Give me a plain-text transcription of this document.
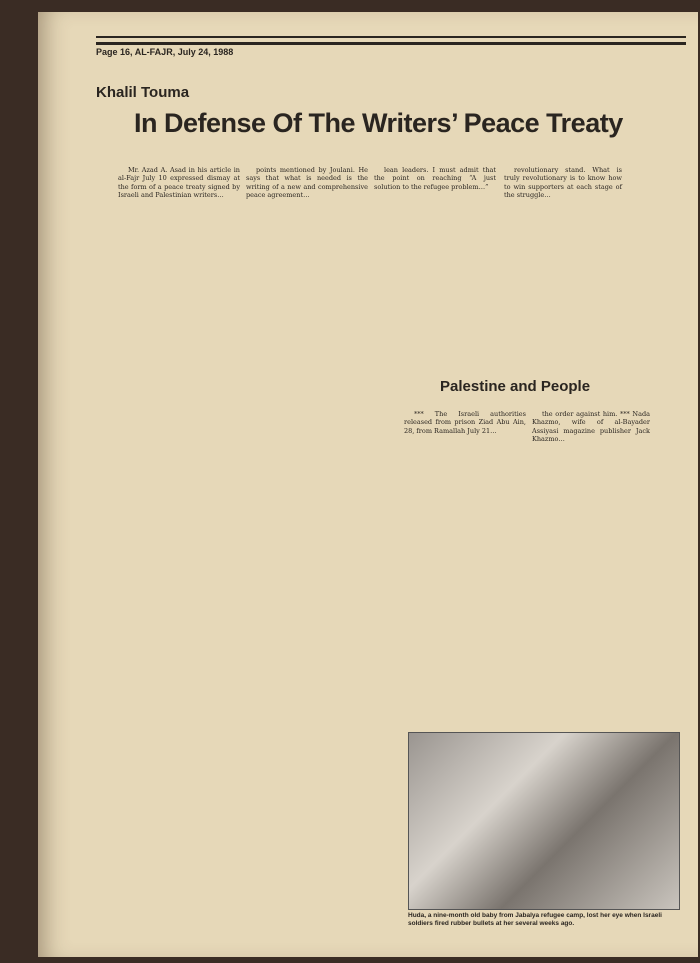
Page 16, AL-FAJR, July 24, 1988
Khalil Touma
In Defense Of The Writers’ Peace Treaty

Mr. Azad A. Asad in his article in al-Fajr July 10 expressed dismay at the form of a peace treaty signed by Israeli and Palestinian writers…

points mentioned by Joulani. He says that what is needed is the writing of a new and comprehensive peace agreement…

lean leaders. I must admit that the point on reaching “A just solution to the refugee problem…”

revolutionary stand. What is truly revolutionary is to know how to win supporters at each stage of the struggle…

Palestine and People

*** The Israeli authorities released from prison Ziad Abu Ain, 28, from Ramallah July 21…

the order against him. *** Nada Khazmo, wife of al-Bayader Assiyasi magazine publisher Jack Khazmo…

Huda, a nine-month old baby from Jabalya refugee camp, lost her eye when Israeli soldiers fired rubber bullets at her several weeks ago.
